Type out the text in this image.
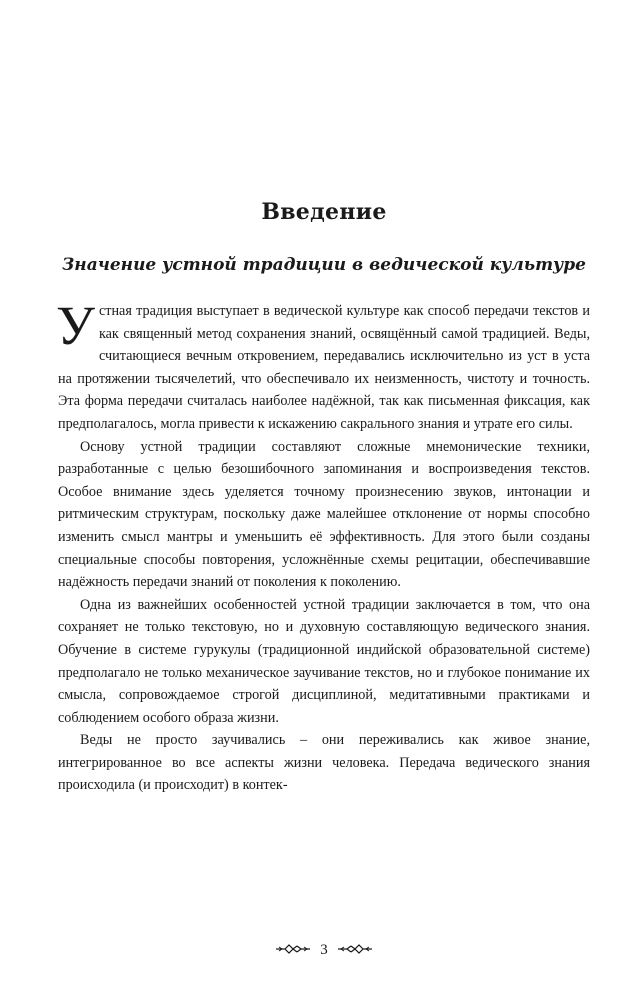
Введение
Значение устной традиции в ведической культуре

Устная традиция выступает в ведической культуре как способ передачи текстов и как священный метод сохранения знаний, освящённый самой традицией. Веды, считающиеся вечным откровением, передавались исключительно из уст в уста на протяжении тысячелетий, что обеспечивало их неизменность, чистоту и точность. Эта форма передачи считалась наиболее надёжной, так как письменная фиксация, как предполагалось, могла привести к искажению сакрального знания и утрате его силы.

Основу устной традиции составляют сложные мнемонические техники, разработанные с целью безошибочного запоминания и воспроизведения текстов. Особое внимание здесь уделяется точному произнесению звуков, интонации и ритмическим структурам, поскольку даже малейшее отклонение от нормы способно изменить смысл мантры и уменьшить её эффективность. Для этого были созданы специальные способы повторения, усложнённые схемы рецитации, обеспечивавшие надёжность передачи знаний от поколения к поколению.

Одна из важнейших особенностей устной традиции заключается в том, что она сохраняет не только текстовую, но и духовную составляющую ведического знания. Обучение в системе гурукулы (традиционной индийской образовательной системе) предполагало не только механическое заучивание текстов, но и глубокое понимание их смысла, сопровождаемое строгой дисциплиной, медитативными практиками и соблюдением особого образа жизни.

Веды не просто заучивались – они переживались как живое знание, интегрированное во все аспекты жизни человека. Передача ведического знания происходила (и происходит) в контек-

3
